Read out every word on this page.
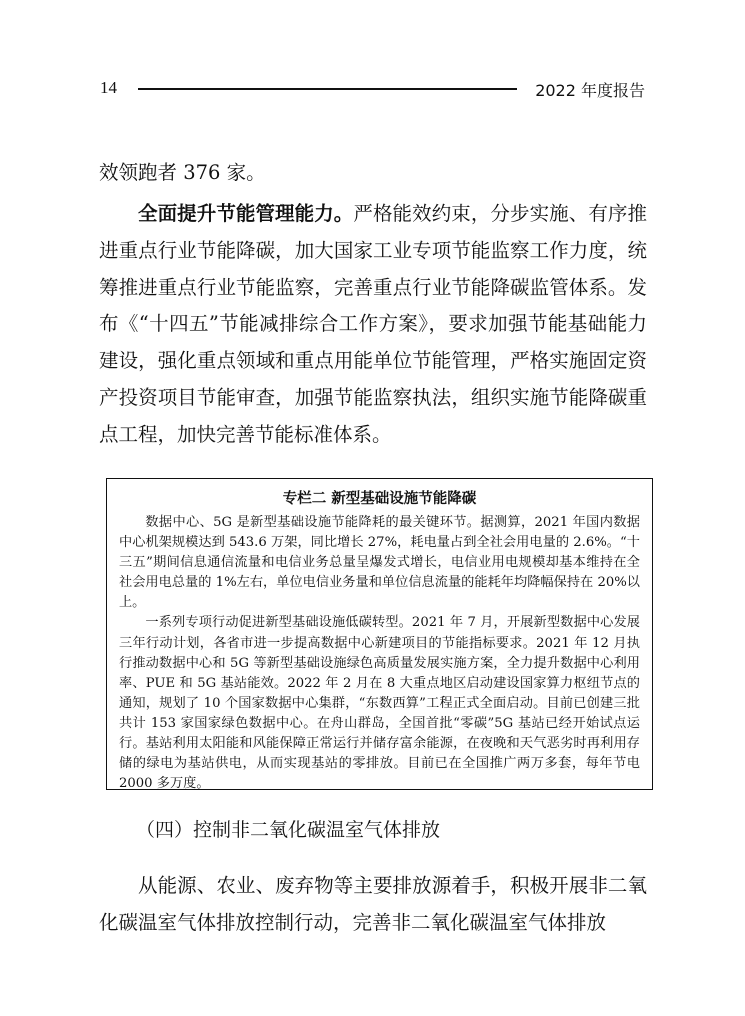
14	2022 年度报告
效领跑者 376 家。
全面提升节能管理能力。严格能效约束，分步实施、有序推进重点行业节能降碳，加大国家工业专项节能监察工作力度，统筹推进重点行业节能监察，完善重点行业节能降碳监管体系。发布《“十四五”节能减排综合工作方案》，要求加强节能基础能力建设，强化重点领域和重点用能单位节能管理，严格实施固定资产投资项目节能审查，加强节能监察执法，组织实施节能降碳重点工程，加快完善节能标准体系。

专栏二 新型基础设施节能降碳

数据中心、5G 是新型基础设施节能降耗的最关键环节。据测算，2021 年国内数据中心机架规模达到 543.6 万架，同比增长 27%，耗电量占到全社会用电量的 2.6%。“十三五”期间信息通信流量和电信业务总量呈爆发式增长，电信业用电规模却基本维持在全社会用电总量的 1%左右，单位电信业务量和单位信息流量的能耗年均降幅保持在 20%以上。

一系列专项行动促进新型基础设施低碳转型。2021 年 7 月，开展新型数据中心发展三年行动计划，各省市进一步提高数据中心新建项目的节能指标要求。2021 年 12 月执行推动数据中心和 5G 等新型基础设施绿色高质量发展实施方案，全力提升数据中心利用率、PUE 和 5G 基站能效。2022 年 2 月在 8 大重点地区启动建设国家算力枢纽节点的通知，规划了 10 个国家数据中心集群，“东数西算”工程正式全面启动。目前已创建三批共计 153 家国家绿色数据中心。在舟山群岛，全国首批“零碳”5G 基站已经开始试点运行。基站利用太阳能和风能保障正常运行并储存富余能源，在夜晚和天气恶劣时再利用存储的绿电为基站供电，从而实现基站的零排放。目前已在全国推广两万多套，每年节电 2000 多万度。

（四）控制非二氧化碳温室气体排放
从能源、农业、废弃物等主要排放源着手，积极开展非二氧化碳温室气体排放控制行动，完善非二氧化碳温室气体排放
